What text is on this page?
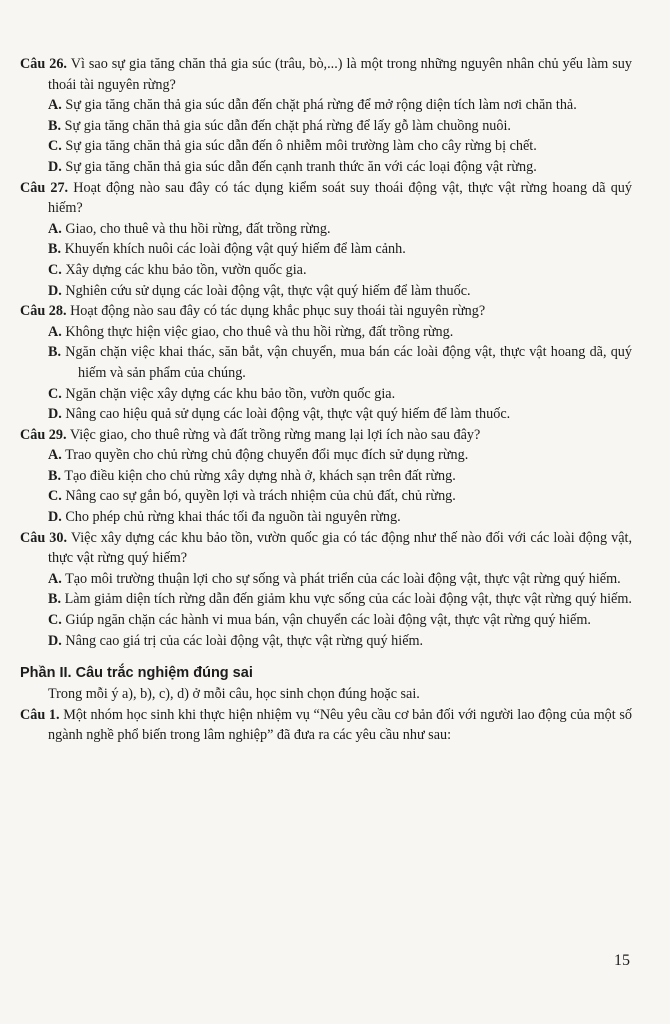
Câu 26. Vì sao sự gia tăng chăn thả gia súc (trâu, bò,...) là một trong những nguyên nhân chủ yếu làm suy thoái tài nguyên rừng?

A. Sự gia tăng chăn thả gia súc dẫn đến chặt phá rừng để mở rộng diện tích làm nơi chăn thả.

B. Sự gia tăng chăn thả gia súc dẫn đến chặt phá rừng để lấy gỗ làm chuồng nuôi.

C. Sự gia tăng chăn thả gia súc dẫn đến ô nhiễm môi trường làm cho cây rừng bị chết.

D. Sự gia tăng chăn thả gia súc dẫn đến cạnh tranh thức ăn với các loại động vật rừng.

Câu 27. Hoạt động nào sau đây có tác dụng kiểm soát suy thoái động vật, thực vật rừng hoang dã quý hiếm?

A. Giao, cho thuê và thu hồi rừng, đất trồng rừng.

B. Khuyến khích nuôi các loài động vật quý hiếm để làm cảnh.

C. Xây dựng các khu bảo tồn, vườn quốc gia.

D. Nghiên cứu sử dụng các loài động vật, thực vật quý hiếm để làm thuốc.

Câu 28. Hoạt động nào sau đây có tác dụng khắc phục suy thoái tài nguyên rừng?

A. Không thực hiện việc giao, cho thuê và thu hồi rừng, đất trồng rừng.

B. Ngăn chặn việc khai thác, săn bắt, vận chuyển, mua bán các loài động vật, thực vật hoang dã, quý hiếm và sản phẩm của chúng.

C. Ngăn chặn việc xây dựng các khu bảo tồn, vườn quốc gia.

D. Nâng cao hiệu quả sử dụng các loài động vật, thực vật quý hiếm để làm thuốc.

Câu 29. Việc giao, cho thuê rừng và đất trồng rừng mang lại lợi ích nào sau đây?

A. Trao quyền cho chủ rừng chủ động chuyển đổi mục đích sử dụng rừng.

B. Tạo điều kiện cho chủ rừng xây dựng nhà ở, khách sạn trên đất rừng.

C. Nâng cao sự gắn bó, quyền lợi và trách nhiệm của chủ đất, chủ rừng.

D. Cho phép chủ rừng khai thác tối đa nguồn tài nguyên rừng.

Câu 30. Việc xây dựng các khu bảo tồn, vườn quốc gia có tác động như thế nào đối với các loài động vật, thực vật rừng quý hiếm?

A. Tạo môi trường thuận lợi cho sự sống và phát triển của các loài động vật, thực vật rừng quý hiếm.

B. Làm giảm diện tích rừng dẫn đến giảm khu vực sống của các loài động vật, thực vật rừng quý hiếm.

C. Giúp ngăn chặn các hành vi mua bán, vận chuyển các loài động vật, thực vật rừng quý hiếm.

D. Nâng cao giá trị của các loài động vật, thực vật rừng quý hiếm.

Phần II. Câu trắc nghiệm đúng sai

Trong mỗi ý a), b), c), d) ở mỗi câu, học sinh chọn đúng hoặc sai.

Câu 1. Một nhóm học sinh khi thực hiện nhiệm vụ “Nêu yêu cầu cơ bản đối với người lao động của một số ngành nghề phổ biến trong lâm nghiệp” đã đưa ra các yêu cầu như sau:

15
